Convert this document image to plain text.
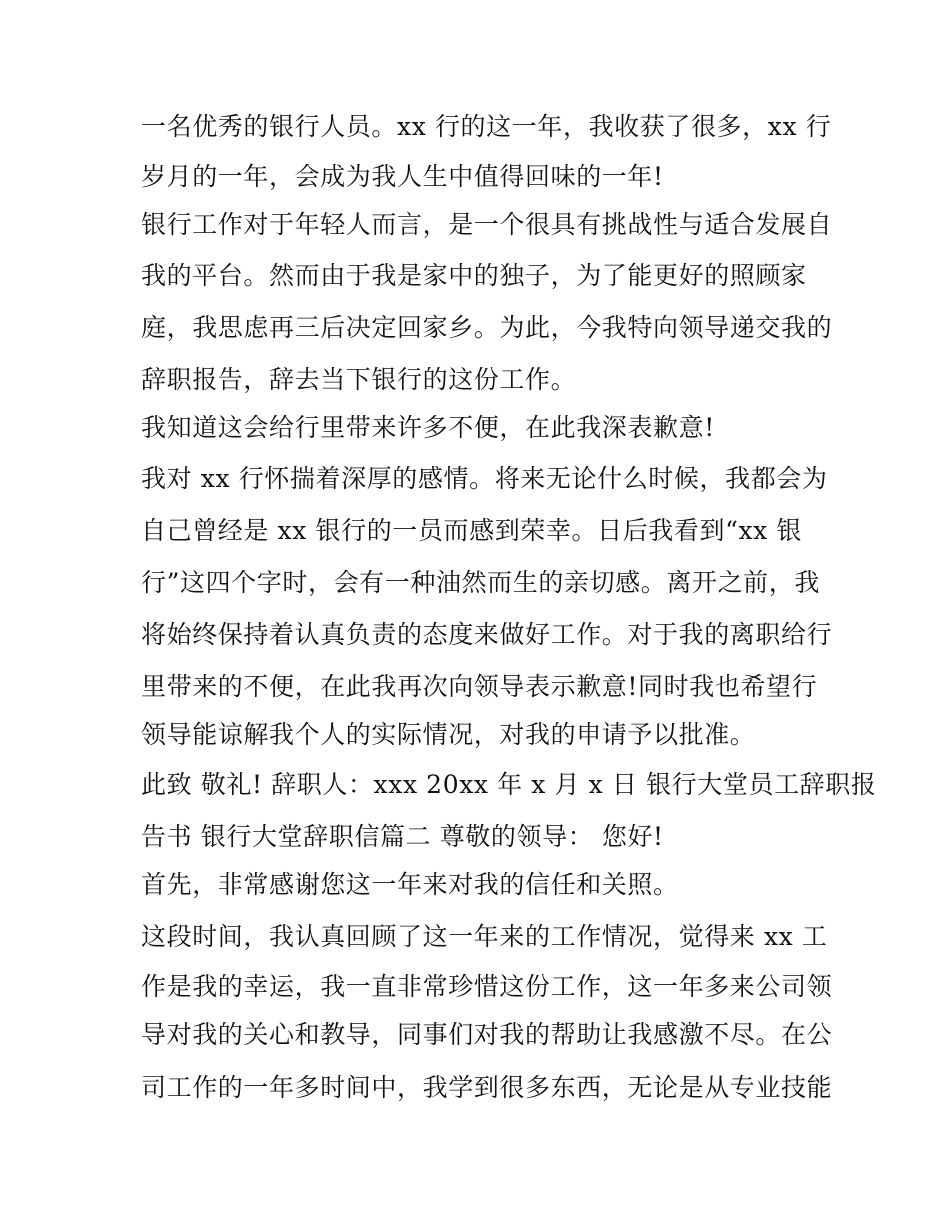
一名优秀的银行人员。xx 行的这一年，我收获了很多，xx 行
岁月的一年，会成为我人生中值得回味的一年!
银行工作对于年轻人而言，是一个很具有挑战性与适合发展自
我的平台。然而由于我是家中的独子，为了能更好的照顾家
庭，我思虑再三后决定回家乡。为此，今我特向领导递交我的
辞职报告，辞去当下银行的这份工作。
我知道这会给行里带来许多不便，在此我深表歉意!
我对 xx 行怀揣着深厚的感情。将来无论什么时候，我都会为
自己曾经是 xx 银行的一员而感到荣幸。日后我看到“xx 银
行”这四个字时，会有一种油然而生的亲切感。离开之前，我
将始终保持着认真负责的态度来做好工作。对于我的离职给行
里带来的不便，在此我再次向领导表示歉意!同时我也希望行
领导能谅解我个人的实际情况，对我的申请予以批准。
此致 敬礼! 辞职人：xxx 20xx 年 x 月 x 日 银行大堂员工辞职报
告书 银行大堂辞职信篇二 尊敬的领导： 您好!
首先，非常感谢您这一年来对我的信任和关照。
这段时间，我认真回顾了这一年来的工作情况，觉得来 xx 工
作是我的幸运，我一直非常珍惜这份工作，这一年多来公司领
导对我的关心和教导，同事们对我的帮助让我感激不尽。在公
司工作的一年多时间中，我学到很多东西，无论是从专业技能
